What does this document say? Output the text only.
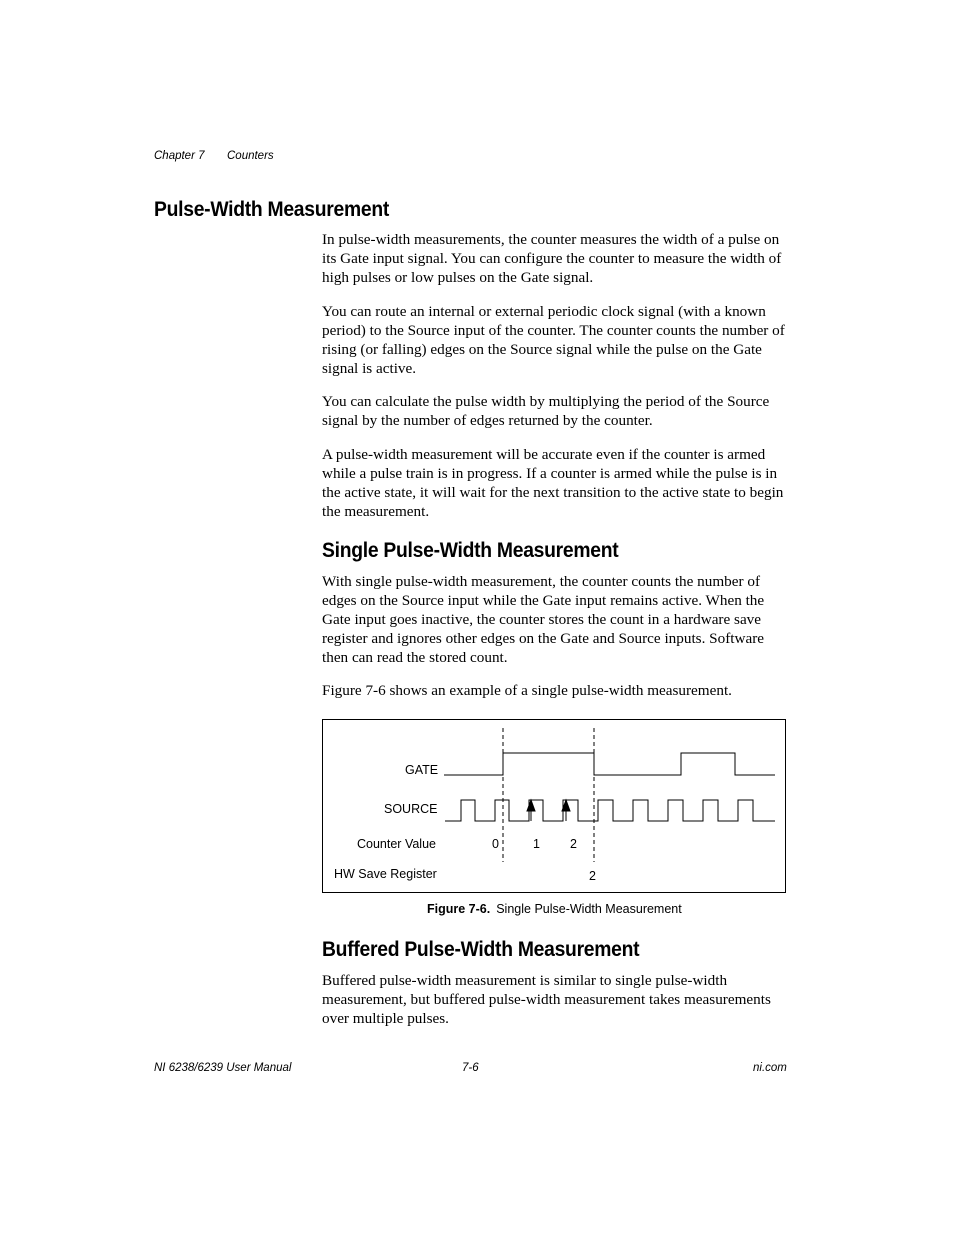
Chapter 7 Counters
Pulse-Width Measurement

In pulse-width measurements, the counter measures the width of a pulse on its Gate input signal. You can configure the counter to measure the width of high pulses or low pulses on the Gate signal.

You can route an internal or external periodic clock signal (with a known period) to the Source input of the counter. The counter counts the number of rising (or falling) edges on the Source signal while the pulse on the Gate signal is active.

You can calculate the pulse width by multiplying the period of the Source signal by the number of edges returned by the counter.

A pulse-width measurement will be accurate even if the counter is armed while a pulse train is in progress. If a counter is armed while the pulse is in the active state, it will wait for the next transition to the active state to begin the measurement.

Single Pulse-Width Measurement

With single pulse-width measurement, the counter counts the number of edges on the Source input while the Gate input remains active. When the Gate input goes inactive, the counter stores the count in a hardware save register and ignores other edges on the Gate and Source inputs. Software then can read the stored count.

Figure 7-6 shows an example of a single pulse-width measurement.

GATE
SOURCE
Counter Value
HW Save Register
0	1 2
2
Figure 7-6. Single Pulse-Width Measurement
Buffered Pulse-Width Measurement

Buffered pulse-width measurement is similar to single pulse-width measurement, but buffered pulse-width measurement takes measurements over multiple pulses.

NI 6238/6239 User Manual	7-6	ni.com
